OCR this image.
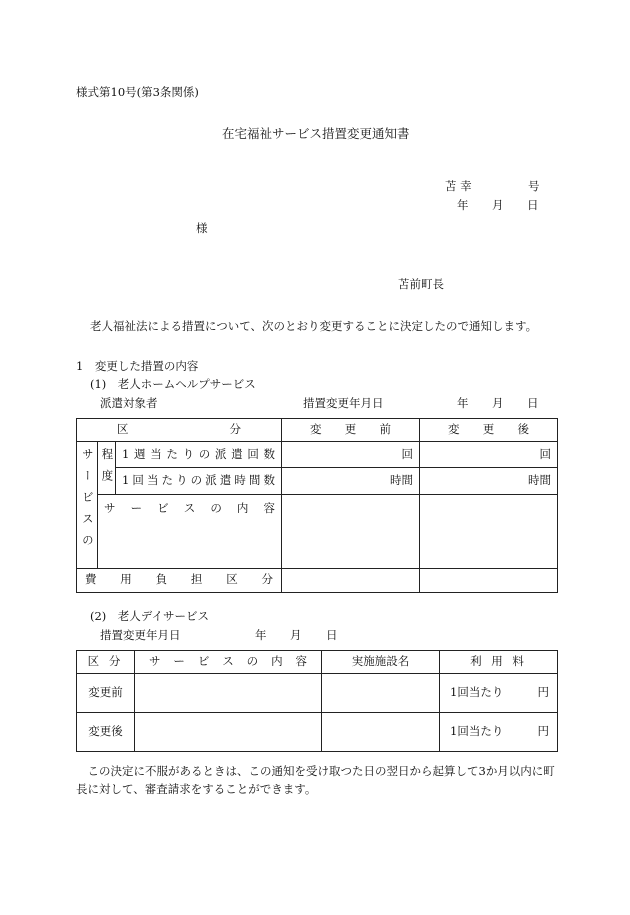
様式第10号(第3条関係)
在宅福祉サービス措置変更通知書
苫 幸	号
年 月 日
様
苫前町長
老人福祉法による措置について、次のとおり変更することに決定したので通知します。
1　変更した措置の内容
(1)　老人ホームヘルプサービス
派遣対象者	措置変更年月日	年 月 日
区　　分			変　更　前	変　更　後
サービスの	程度	1週当たりの派遣回数	回	回
		1回当たりの派遣時間数	時間	時間
	サービスの内容			
費用負担区分				
(2)　老人デイサービス
措置変更年月日	年 月 日
区 分	サービスの内容	実施施設名	利 用 料
変更前			1回当たり 円

変更後			1回当たり 円
この決定に不服があるときは、この通知を受け取つた日の翌日から起算して3か月以内に町長に対して、審査請求をすることができます。
